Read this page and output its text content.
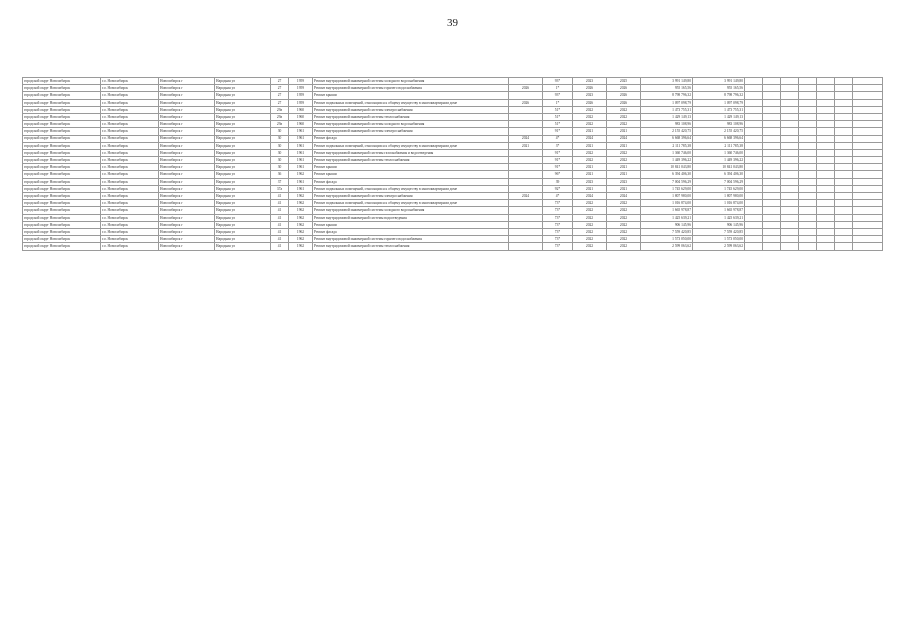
39
городской округ Новосибирск	г.о. Новосибирск	Новосибирск г	Народная ул	27	1959	Ремонт внутридомовой инженерной системы холодного водоснабжения		93*	2023	2025	3 991 149,80	3 991 149,80							
городской округ Новосибирск	г.о. Новосибирск	Новосибирск г	Народная ул	27	1959	Ремонт внутридомовой инженерной системы горячего водоснабжения	2026	1*	2026	2026	955 165,56	955 165,56							
городской округ Новосибирск	г.о. Новосибирск	Новосибирск г	Народная ул	27	1959	Ремонт крыши		93*	2023	2026	8 798 796,32	8 798 796,32							
городской округ Новосибирск	г.о. Новосибирск	Новосибирск г	Народная ул	27	1959	Ремонт подвальных помещений, относящихся к общему имуществу в многоквартирном доме	2026	1*	2026	2026	1 097 098,79	1 097 098,79							
городской округ Новосибирск	г.о. Новосибирск	Новосибирск г	Народная ул	29а	1960	Ремонт внутридомовой инженерной системы электроснабжения		51*	2022	2022	1 473 755,31	1 473 755,31							
городской округ Новосибирск	г.о. Новосибирск	Новосибирск г	Народная ул	29а	1960	Ремонт внутридомовой инженерной системы теплоснабжения		51*	2022	2022	1 429 149,13	1 429 149,13							
городской округ Новосибирск	г.о. Новосибирск	Новосибирск г	Народная ул	29а	1960	Ремонт внутридомовой инженерной системы холодного водоснабжения		51*	2022	2022	983 108,96	983 108,96							
городской округ Новосибирск	г.о. Новосибирск	Новосибирск г	Народная ул	30	1961	Ремонт внутридомовой инженерной системы электроснабжения		91*	2021	2021	2 155 420,75	2 155 420,75							
городской округ Новосибирск	г.о. Новосибирск	Новосибирск г	Народная ул	30	1961	Ремонт фасада	2024	4*	2024	2024	6 668 396,64	6 668 396,64							
городской округ Новосибирск	г.о. Новосибирск	Новосибирск г	Народная ул	30	1961	Ремонт подвальных помещений, относящихся к общему имуществу в многоквартирном доме	2021	3*	2021	2021	2 111 785,38	2 111 785,38							
городской округ Новосибирск	г.о. Новосибирск	Новосибирск г	Народная ул	30	1961	Ремонт внутридомовой инженерной системы газоснабжения и водоотведения		91*	2022	2022	1 360 746,00	1 360 746,00							
городской округ Новосибирск	г.о. Новосибирск	Новосибирск г	Народная ул	30	1961	Ремонт внутридомовой инженерной системы теплоснабжения		91*	2022	2022	1 449 396,22	1 449 396,22							
городской округ Новосибирск	г.о. Новосибирск	Новосибирск г	Народная ул	30	1961	Ремонт крыши		91*	2021	2021	10 841 043,80	10 841 043,80							
городской округ Новосибирск	г.о. Новосибирск	Новосибирск г	Народная ул	36	1962	Ремонт крыши		96*	2021	2021	6 394 406,30	6 394 406,30							
городской округ Новосибирск	г.о. Новосибирск	Новосибирск г	Народная ул	37	1961	Ремонт фасада		39	2023	2023	7 004 596,29	7 004 596,29							
городской округ Новосибирск	г.о. Новосибирск	Новосибирск г	Народная ул	37а	1961	Ремонт подвальных помещений, относящихся к общему имуществу в многоквартирном доме		92*	2021	2021	1 745 629,00	1 745 629,00							
городской округ Новосибирск	г.о. Новосибирск	Новосибирск г	Народная ул	41	1962	Ремонт внутридомовой инженерной системы электроснабжения	2024	4*	2024	2024	1 807 980,00	1 807 980,00							
городской округ Новосибирск	г.о. Новосибирск	Новосибирск г	Народная ул	41	1962	Ремонт подвальных помещений, относящихся к общему имуществу в многоквартирном доме		73*	2022	2022	1 016 874,00	1 016 874,00							
городской округ Новосибирск	г.о. Новосибирск	Новосибирск г	Народная ул	41	1962	Ремонт внутридомовой инженерной системы холодного водоснабжения		73*	2022	2022	1 665 978,87	1 665 978,87							
городской округ Новосибирск	г.о. Новосибирск	Новосибирск г	Народная ул	41	1962	Ремонт внутридомовой инженерной системы водоотведения		73*	2022	2022	1 425 639,21	1 425 639,21							
городской округ Новосибирск	г.о. Новосибирск	Новосибирск г	Народная ул	41	1962	Ремонт крыши		73*	2022	2022	906 145,96	906 145,96							
городской округ Новосибирск	г.о. Новосибирск	Новосибирск г	Народная ул	41	1962	Ремонт фасада		73*	2022	2022	7 559 420,85	7 559 420,85							
городской округ Новосибирск	г.о. Новосибирск	Новосибирск г	Народная ул	41	1962	Ремонт внутридомовой инженерной системы горячего водоснабжения		73*	2022	2022	1 573 050,00	1 573 050,00							
городской округ Новосибирск	г.о. Новосибирск	Новосибирск г	Народная ул	41	1962	Ремонт внутридомовой инженерной системы теплоснабжения		73*	2022	2022	2 599 063,62	2 599 063,62							
